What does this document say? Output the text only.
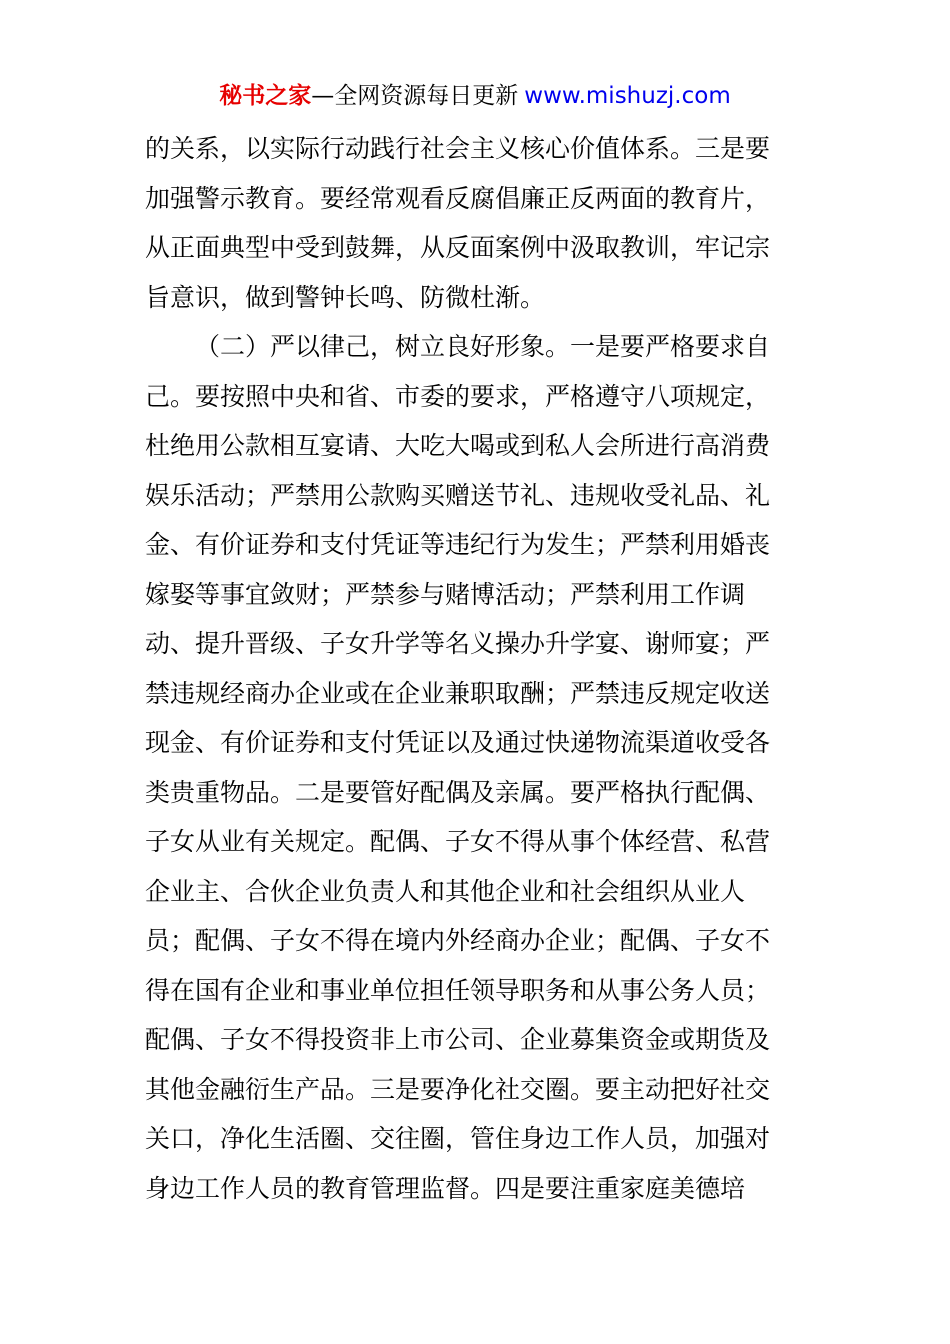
秘书之家—全网资源每日更新 www.mishuzj.com
的关系，以实际行动践行社会主义核心价值体系。三是要
加强警示教育。要经常观看反腐倡廉正反两面的教育片，
从正面典型中受到鼓舞，从反面案例中汲取教训，牢记宗
旨意识，做到警钟长鸣、防微杜渐。
（二）严以律己，树立良好形象。一是要严格要求自
己。要按照中央和省、市委的要求，严格遵守八项规定，
杜绝用公款相互宴请、大吃大喝或到私人会所进行高消费
娱乐活动；严禁用公款购买赠送节礼、违规收受礼品、礼
金、有价证券和支付凭证等违纪行为发生；严禁利用婚丧
嫁娶等事宜敛财；严禁参与赌博活动；严禁利用工作调
动、提升晋级、子女升学等名义操办升学宴、谢师宴；严
禁违规经商办企业或在企业兼职取酬；严禁违反规定收送
现金、有价证券和支付凭证以及通过快递物流渠道收受各
类贵重物品。二是要管好配偶及亲属。要严格执行配偶、
子女从业有关规定。配偶、子女不得从事个体经营、私营
企业主、合伙企业负责人和其他企业和社会组织从业人
员；配偶、子女不得在境内外经商办企业；配偶、子女不
得在国有企业和事业单位担任领导职务和从事公务人员；
配偶、子女不得投资非上市公司、企业募集资金或期货及
其他金融衍生产品。三是要净化社交圈。要主动把好社交
关口，净化生活圈、交往圈，管住身边工作人员，加强对
身边工作人员的教育管理监督。四是要注重家庭美德培
